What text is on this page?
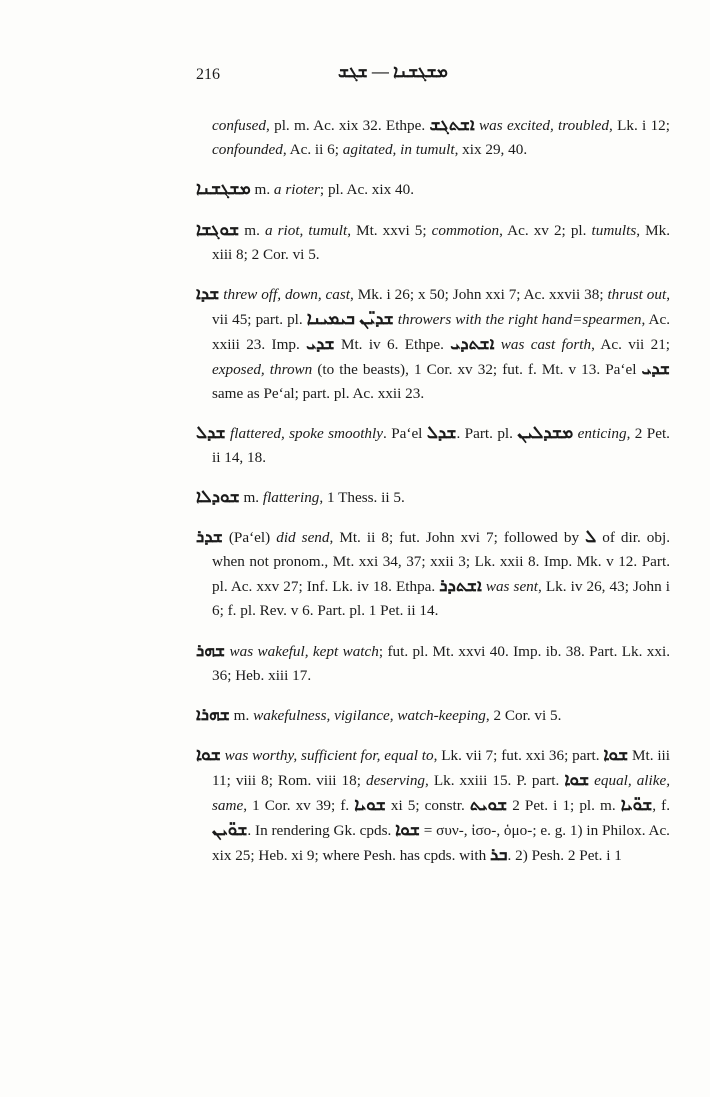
216	ܡܫܓܫܢܐ — ܫܓܫ

confused, pl. m. Ac. xix 32. Ethpe. ܐܫܬܓܫ was excited, troubled, Lk. i 12; confounded, Ac. ii 6; agitated, in tumult, xix 29, 40.

ܡܫܓܫܢܐ m. a rioter; pl. Ac. xix 40.

ܫܘܓܫܐ m. a riot, tumult, Mt. xxvi 5; commotion, Ac. xv 2; pl. tumults, Mk. xiii 8; 2 Cor. vi 5.

ܫܕܐ threw off, down, cast, Mk. i 26; x 50; John xxi 7; Ac. xxvii 38; thrust out, vii 45; part. pl. ܫܕܝ̈ܢ ܒܝܡܝܢܐ throwers with the right hand=spearmen, Ac. xxiii 23. Imp. ܫܕܝ Mt. iv 6. Ethpe. ܐܫܬܕܝ was cast forth, Ac. vii 21; exposed, thrown (to the beasts), 1 Cor. xv 32; fut. f. Mt. v 13. Pa‘el ܫܕܝ same as Pe‘al; part. pl. Ac. xxii 23.

ܫܕܠ flattered, spoke smoothly. Pa‘el ܫܕܠ. Part. pl. ܡܫܕܠܝܢ enticing, 2 Pet. ii 14, 18.

ܫܘܕܠܐ m. flattering, 1 Thess. ii 5.

ܫܕܪ (Pa‘el) did send, Mt. ii 8; fut. John xvi 7; followed by ܠ of dir. obj. when not pronom., Mt. xxi 34, 37; xxii 3; Lk. xxii 8. Imp. Mk. v 12. Part. pl. Ac. xxv 27; Inf. Lk. iv 18. Ethpa. ܐܫܬܕܪ was sent, Lk. iv 26, 43; John i 6; f. pl. Rev. v 6. Part. pl. 1 Pet. ii 14.

ܫܗܪ was wakeful, kept watch; fut. pl. Mt. xxvi 40. Imp. ib. 38. Part. Lk. xxi. 36; Heb. xiii 17.

ܫܗܪܐ m. wakefulness, vigilance, watch-keeping, 2 Cor. vi 5.

ܫܘܐ was worthy, sufficient for, equal to, Lk. vii 7; fut. xxi 36; part. ܫܘܐ Mt. iii 11; viii 8; Rom. viii 18; deserving, Lk. xxiii 15. P. part. ܫܘܐ equal, alike, same, 1 Cor. xv 39; f. ܫܘܝܐ xi 5; constr. ܫܘܝܬ 2 Pet. i 1; pl. m. ܫܘ̈ܝܐ, f. ܫܘ̈ܝܢ. In rendering Gk. cpds. ܫܘܐ = συν-, ἰσο-, ὁμο-; e. g. 1) in Philox. Ac. xix 25; Heb. xi 9; where Pesh. has cpds. with ܒܪ. 2) Pesh. 2 Pet. i 1
